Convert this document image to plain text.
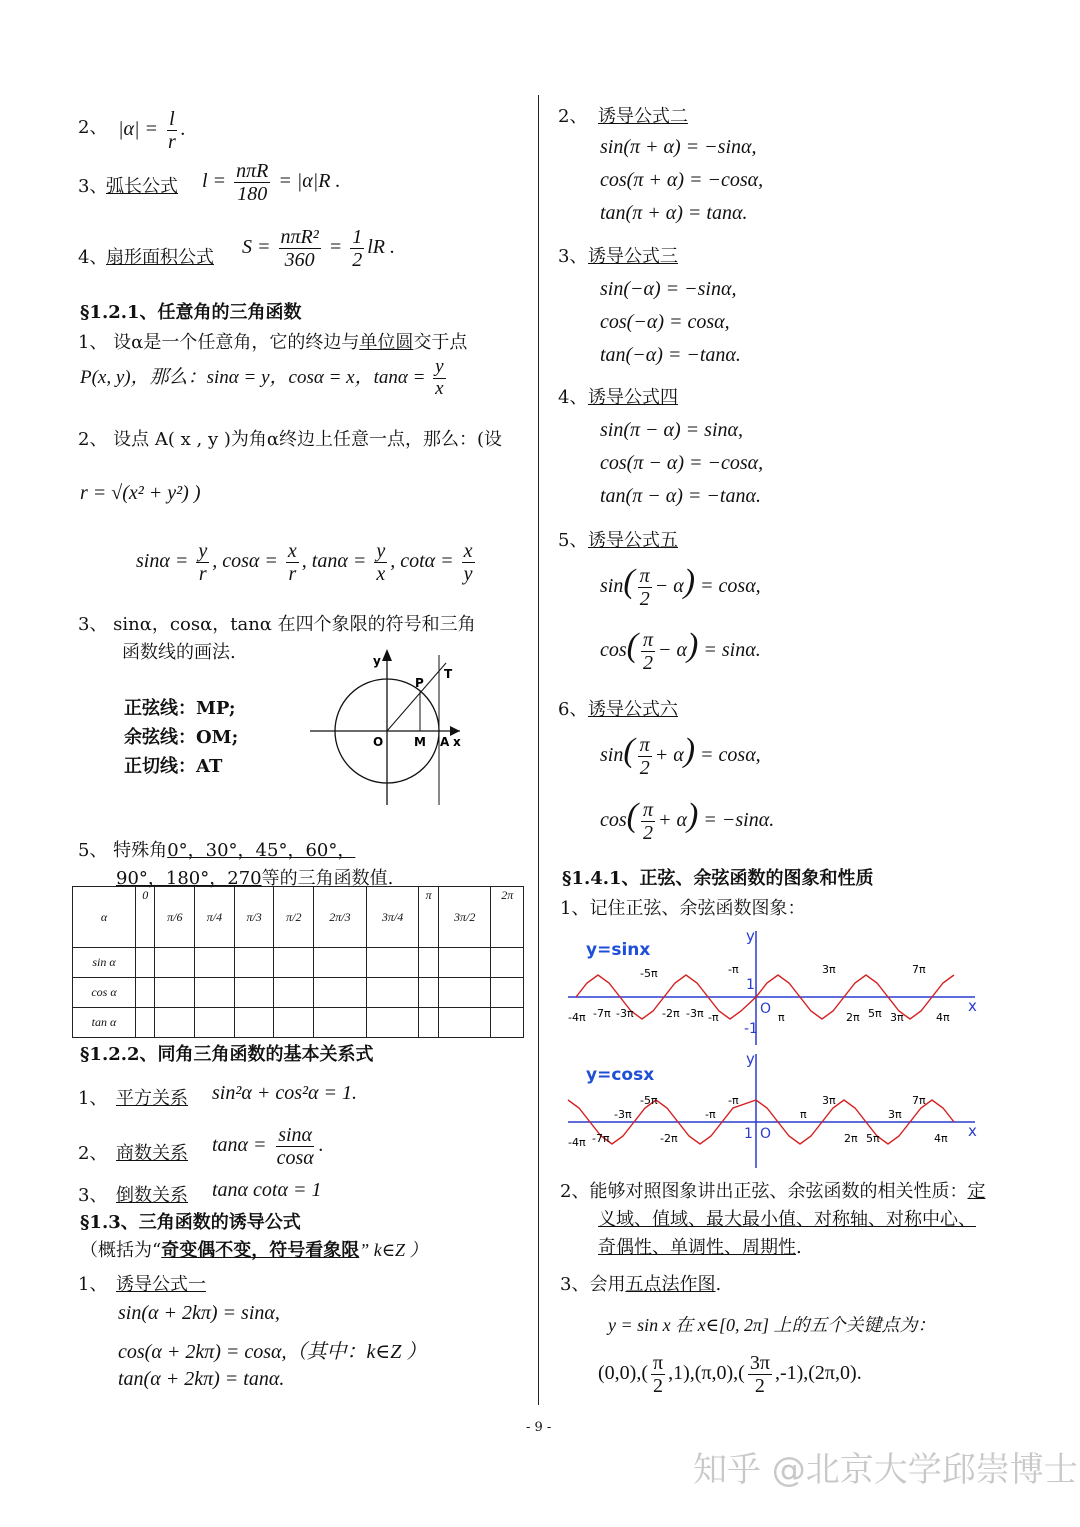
2、 $|\alpha| = \frac{l}{r}$ .
3、
弧长公式 $l = \frac{\text{nπR}}{180} = |\alpha|R$ .
4、
扇形面积公式 $S = \frac{\text{nπR²}}{360} = \frac{1}{2}$ lR .
§1.2.1、任意角的三角函数
1、 设α是一个任意角，它的终边与单位圆交于点
P(x, y)，那么：sinα = y，cosα = x，$\tan\alpha = \frac{y}{x}$
2、 设点 A( x , y )为角α终边上任意一点，那么：(设
r = √(x² + y²) )
$\sin\alpha = \frac{y}{r}$ , $\cos\alpha = \frac{x}{r}$ , $\tan\alpha = \frac{y}{x}$ , $\cot\alpha = \frac{x}{y}$
3、 sinα，cosα，tanα 在四个象限的符号和三角
函数线的画法.
正弦线：MP;
余弦线：OM;
正切线：AT
y
P
T
O	M A x
5、 特殊角0°，30°，45°，60°，
90°，180°，270等的三角函数值.
α	0	π/6	π/4	π/3	π/2	2π/3	3π/4	π	3π/2	2π
sin α										
cos α										
tan α										
§1.2.2、同角三角函数的基本关系式
1、 平方关系 sin²α + cos²α = 1.
2、 商数关系 $\tan\alpha = \frac{\sin\alpha}{\cos\alpha}$ .
3、 倒数关系 tanα cotα = 1
§1.3、三角函数的诱导公式
（概括为“奇变偶不变，符号看象限” k∈Z ）
1、 诱导公式一
sin(α + 2kπ) = sinα,
cos(α + 2kπ) = cosα,（其中：k∈Z ）
tan(α + 2kπ) = tanα.
2、 诱导公式二
sin(π + α) = −sinα,
cos(π + α) = −cosα,
tan(π + α) = tanα.
3、 诱导公式三
sin(−α) = −sinα,
cos(−α) = cosα,
tan(−α) = −tanα.
4、 诱导公式四
sin(π − α) = sinα,
cos(π − α) = −cosα,
tan(π − α) = −tanα.
5、 诱导公式五
$\sin( \frac{\pi}{2} - \alpha) = \cos\alpha$,
$\cos( \frac{\pi}{2} - \alpha) = \sin\alpha$.
6、 诱导公式六
$\sin( \frac{\pi}{2} + \alpha) = \cos\alpha$,
$\cos( \frac{\pi}{2} + \alpha) = -\sin\alpha$.
§1.4.1、正弦、余弦函数的图象和性质
1、记住正弦、余弦函数图象：
y=sinx
y
x
1
-1
O
-4π -7π -3π
-5π
-2π -3π -π
-π
π
3π
2π 5π 3π
7π
4π
y=cosx
y
x
1 O
-4π -7π
-3π
-5π
-2π
-π
-π
π
3π
2π 5π
3π
7π
4π
2、能够对照图象讲出正弦、余弦函数的相关性质：定
义域、值域、最大最小值、对称轴、对称中心、
奇偶性、单调性、周期性.
3、会用五点法作图.
y = sin x 在 x∈[0, 2π] 上的五个关键点为：
$(0,0),( \frac{\pi}{2} ,1),(\pi,0),( \frac{3\pi}{2} ,-1),(2\pi,0)$.
- 9 -
知乎 @北京大学邱崇博士
